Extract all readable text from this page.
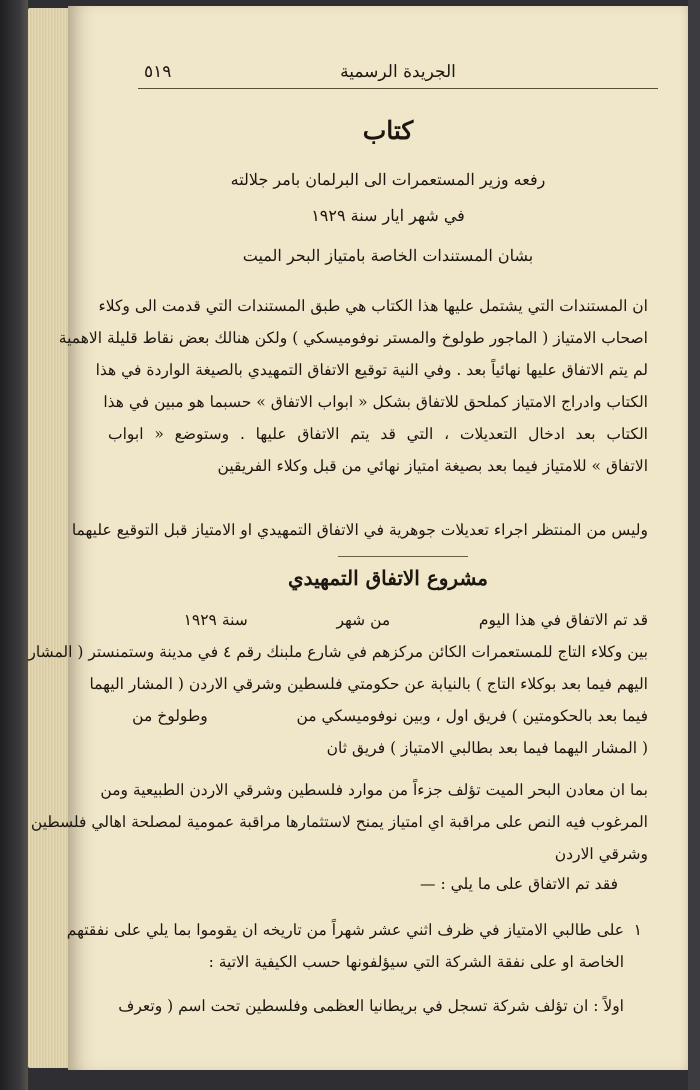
٥١٩	الجريدة الرسمية
كتاب
رفعه وزير المستعمرات الى البرلمان بامر جلالته
في شهر ايار سنة ١٩٢٩
بشان المستندات الخاصة بامتياز البحر الميت
ان المستندات التي يشتمل عليها هذا الكتاب هي طبق المستندات التي قدمت الى وكلاء
اصحاب الامتياز ( الماجور طولوخ والمستر نوفوميسكي ) ولكن هنالك بعض نقاط قليلة الاهمية
لم يتم الاتفاق عليها نهائياً بعد . وفي النية توقيع الاتفاق التمهيدي بالصيغة الواردة في هذا
الكتاب وادراج الامتياز كملحق للاتفاق بشكل « ابواب الاتفاق » حسبما هو مبين في هذا
الكتاب بعد ادخال التعديلات ، التي قد يتم الاتفاق عليها . وستوضع « ابواب
الاتفاق » للامتياز فيما بعد بصيغة امتياز نهائي من قبل وكلاء الفريقين
وليس من المنتظر اجراء تعديلات جوهرية في الاتفاق التمهيدي او الامتياز قبل التوقيع عليهما
مشروع الاتفاق التمهيدي
قد تم الاتفاق في هذا اليوم                  من شهر                  سنة ١٩٢٩
بين وكلاء التاج للمستعمرات الكائن مركزهم في شارع ملبنك رقم ٤ في مدينة وستمنستر ( المشار
اليهم فيما بعد بوكلاء التاج ) بالنيابة عن حكومتي فلسطين وشرقي الاردن ( المشار اليهما
فيما بعد بالحكومتين ) فريق اول ، وبين نوفوميسكي من                  وطولوخ من
( المشار اليهما فيما بعد بطالبي الامتياز ) فريق ثان
بما ان معادن البحر الميت تؤلف جزءاً من موارد فلسطين وشرقي الاردن الطبيعية ومن
المرغوب فيه النص على مراقبة اي امتياز يمنح لاستثمارها مراقبة عمومية لمصلحة اهالي فلسطين
وشرقي الاردن
فقد تم الاتفاق على ما يلي : —
١
على طالبي الامتياز في ظرف اثني عشر شهراً من تاريخه ان يقوموا بما يلي على نفقتهم
الخاصة او على نفقة الشركة التي سيؤلفونها حسب الكيفية الاتية :
اولاً : ان تؤلف شركة تسجل في بريطانيا العظمى وفلسطين تحت اسم ( وتعرف
